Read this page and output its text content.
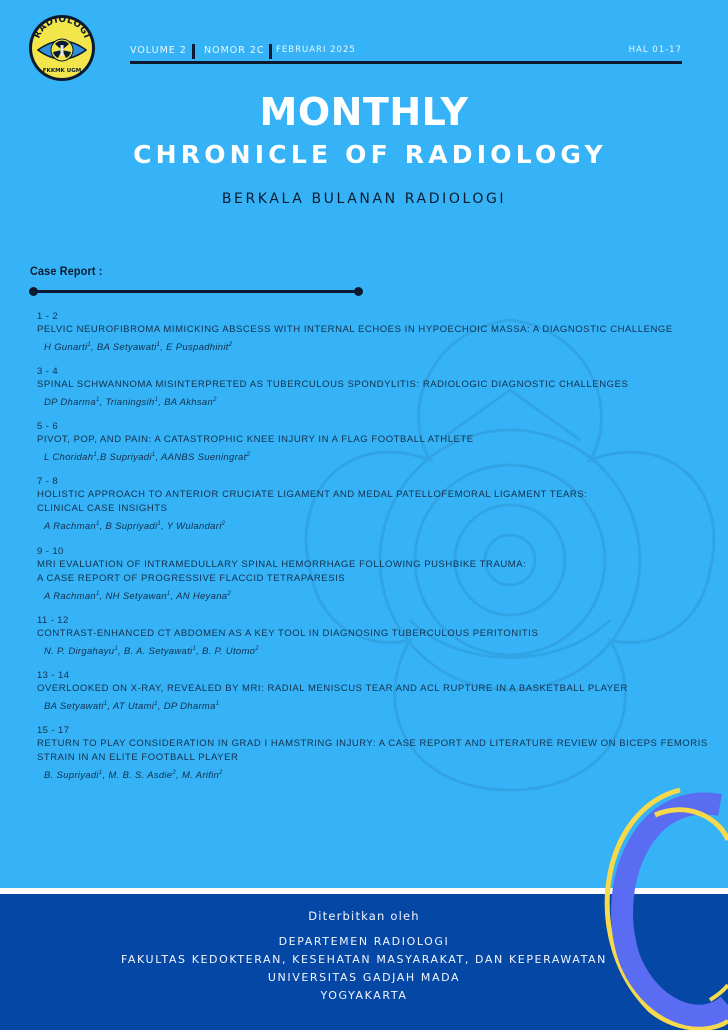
RADIOLOGI
FKKMK UGM
VOLUME 2 NOMOR 2C FEBRUARI 2025	HAL 01-17
MONTHLY
CHRONICLE OF RADIOLOGY
BERKALA BULANAN RADIOLOGI
Case Report :
1 - 2
PELVIC NEUROFIBROMA MIMICKING ABSCESS WITH INTERNAL ECHOES IN HYPOECHOIC MASSA: A DIAGNOSTIC CHALLENGE
H Gunarti$^1$, BA Setyawati$^1$, E Puspadhinit$^2$
3 - 4
SPINAL SCHWANNOMA MISINTERPRETED AS TUBERCULOUS SPONDYLITIS: RADIOLOGIC DIAGNOSTIC CHALLENGES
DP Dharma$^1$, Trianingsih$^1$, BA Akhsan$^2$
5 - 6
PIVOT, POP, AND PAIN: A CATASTROPHIC KNEE INJURY IN A FLAG FOOTBALL ATHLETE
L Choridah$^1$,B Supriyadi$^1$, AANBS Sueningrat$^2$
7 - 8
HOLISTIC APPROACH TO ANTERIOR CRUCIATE LIGAMENT AND MEDAL PATELLOFEMORAL LIGAMENT TEARS:
CLINICAL CASE INSIGHTS
A Rachman$^1$, B Supriyadi$^1$, Y Wulandari$^2$
9 - 10
MRI EVALUATION OF INTRAMEDULLARY SPINAL HEMORRHAGE FOLLOWING PUSHBIKE TRAUMA:
A CASE REPORT OF PROGRESSIVE FLACCID TETRAPARESIS
A Rachman$^1$, NH Setyawan$^1$, AN Heyana$^2$
11 - 12
CONTRAST-ENHANCED CT ABDOMEN AS A KEY TOOL IN DIAGNOSING TUBERCULOUS PERITONITIS
N. P. Dirgahayu$^1$, B. A. Setyawati$^1$, B. P. Utomo$^2$
13 - 14
OVERLOOKED ON X-RAY, REVEALED BY MRI: RADIAL MENISCUS TEAR AND ACL RUPTURE IN A BASKETBALL PLAYER
BA Setyawati$^1$, AT Utami$^1$, DP Dharma$^1$
15 - 17
RETURN TO PLAY CONSIDERATION IN GRAD I HAMSTRING INJURY: A CASE REPORT AND LITERATURE REVIEW ON BICEPS FEMORIS
STRAIN IN AN ELITE FOOTBALL PLAYER
B. Supriyadi$^1$, M. B. S. Asdie$^2$, M. Arifin$^2$
Diterbitkan oleh
DEPARTEMEN RADIOLOGI
FAKULTAS KEDOKTERAN, KESEHATAN MASYARAKAT, DAN KEPERAWATAN
UNIVERSITAS GADJAH MADA
YOGYAKARTA
